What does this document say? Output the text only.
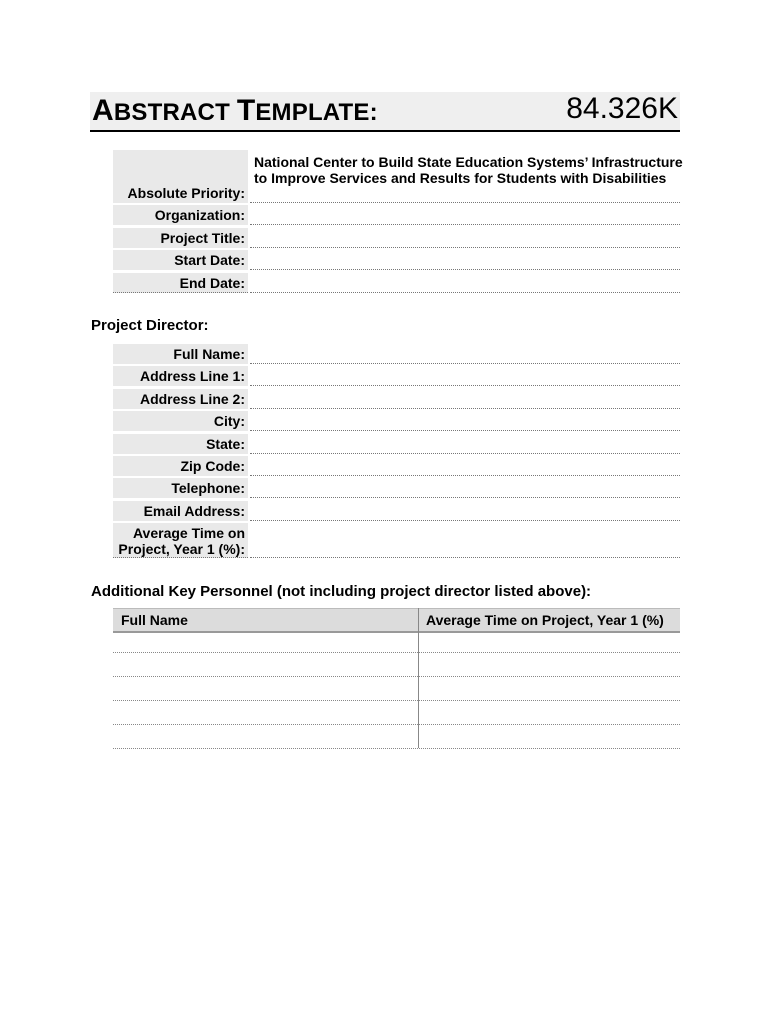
ABSTRACT TEMPLATE:	84.326K
Absolute Priority:
National Center to Build State Education Systems’ Infrastructure to Improve Services and Results for Students with Disabilities
Organization:
Project Title:
Start Date:
End Date:
Project Director:
Full Name:
Address Line 1:
Address Line 2:
City:
State:
Zip Code:
Telephone:
Email Address:
Average Time on
Project, Year 1 (%):
Additional Key Personnel (not including project director listed above):
Full Name	Average Time on Project, Year 1 (%)
